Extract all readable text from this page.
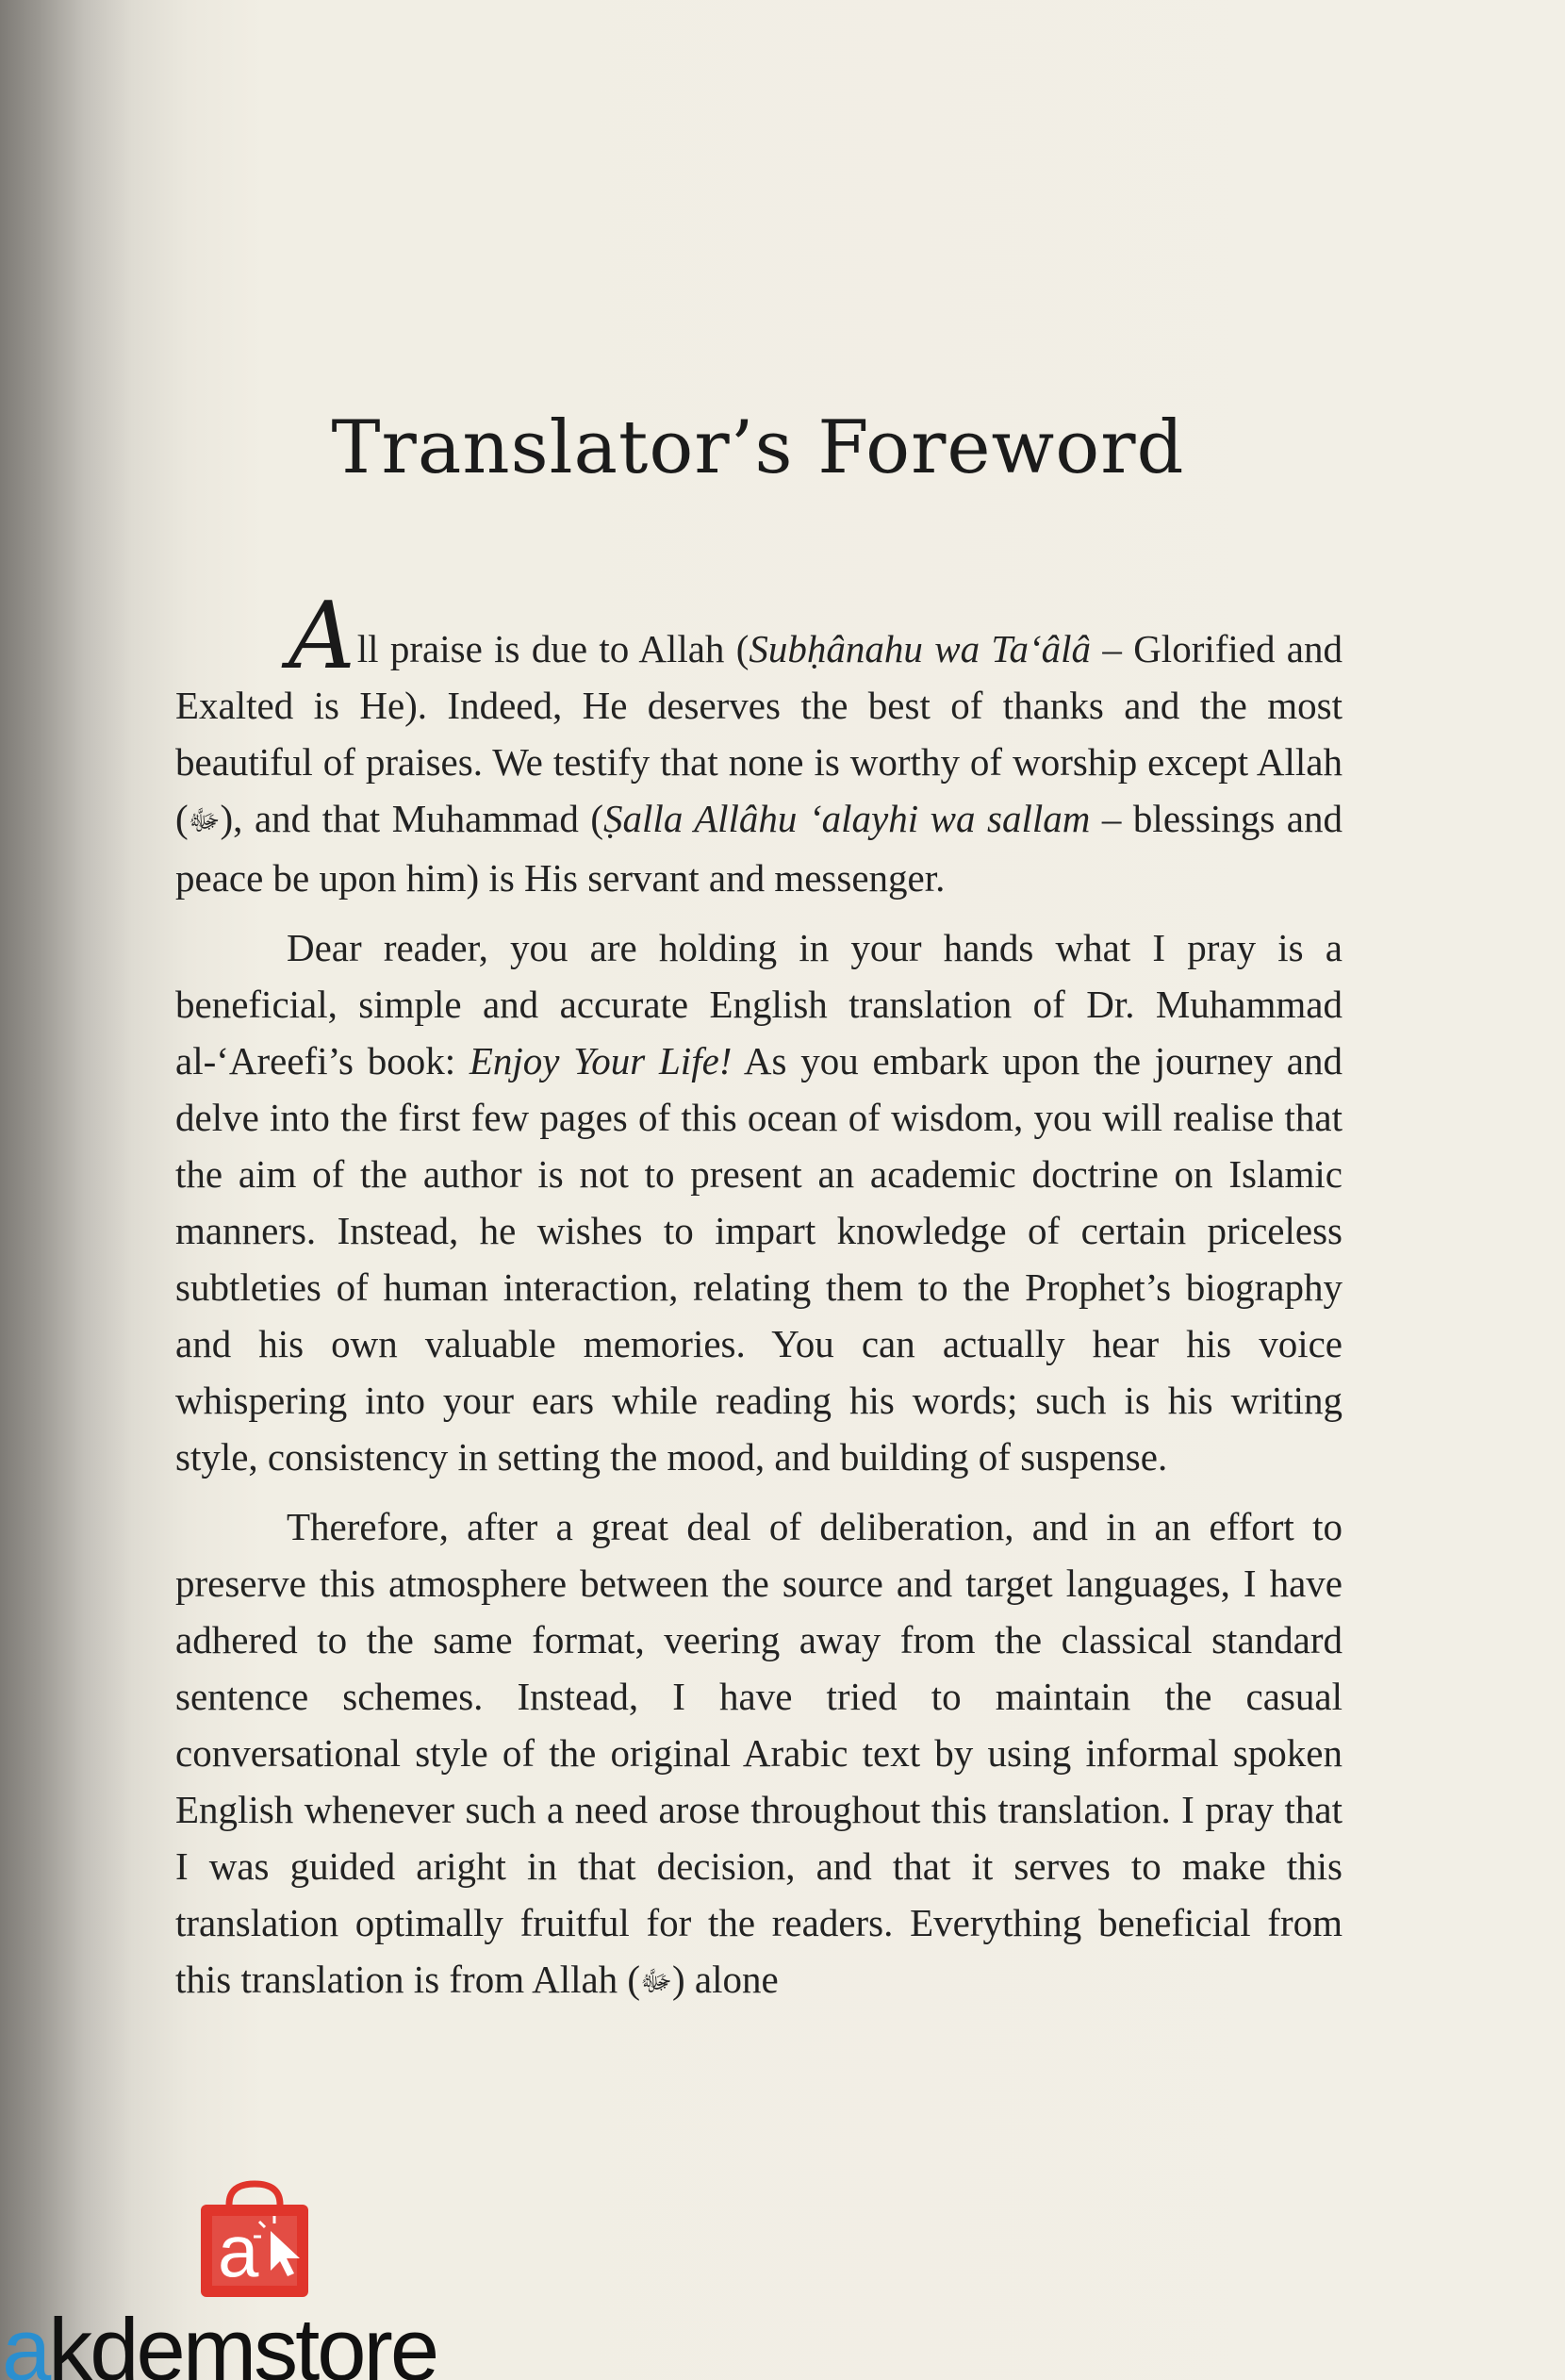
Translator’s Foreword

All praise is due to Allah (Subḥânahu wa Ta‘âlâ – Glorified and Exalted is He). Indeed, He deserves the best of thanks and the most beautiful of praises. We testify that none is worthy of worship except Allah (ﷻ), and that Muhammad (Ṣalla Allâhu ‘alayhi wa sallam – blessings and peace be upon him) is His servant and messenger.

Dear reader, you are holding in your hands what I pray is a beneficial, simple and accurate English translation of Dr. Muhammad al-‘Areefi’s book: Enjoy Your Life! As you embark upon the journey and delve into the first few pages of this ocean of wisdom, you will realise that the aim of the author is not to present an academic doctrine on Islamic manners. Instead, he wishes to impart knowledge of certain priceless subtleties of human interaction, relating them to the Prophet’s biography and his own valuable memories. You can actually hear his voice whispering into your ears while reading his words; such is his writing style, consistency in setting the mood, and building of suspense.

Therefore, after a great deal of deliberation, and in an effort to preserve this atmosphere between the source and target languages, I have adhered to the same format, veering away from the classical standard sentence schemes. Instead, I have tried to maintain the casual conversational style of the original Arabic text by using informal spoken English whenever such a need arose throughout this translation. I pray that I was guided aright in that decision, and that it serves to make this translation optimally fruitful for the readers. Everything beneficial from this translation is from Allah (ﷻ) alone

a
akdemstore
